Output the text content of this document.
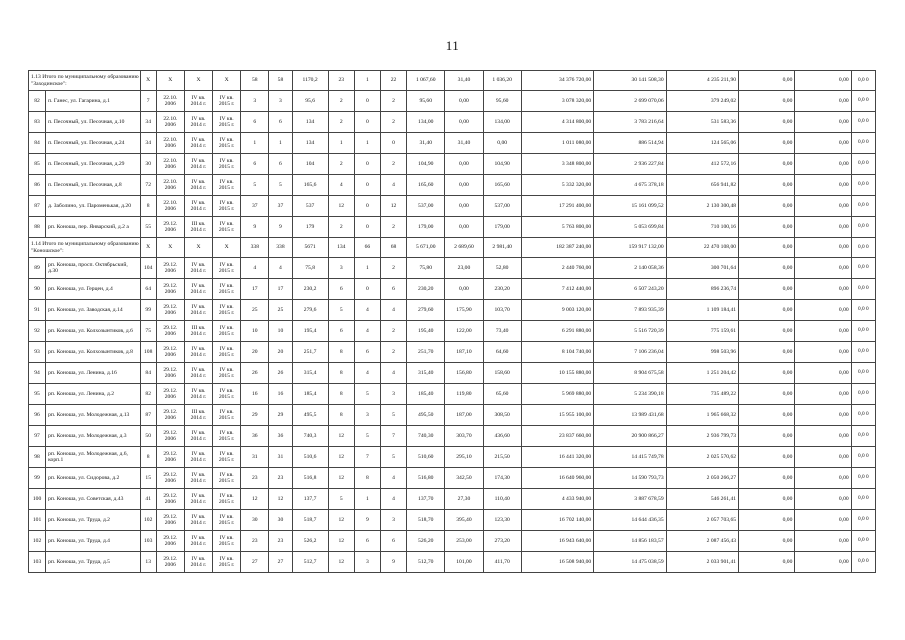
11
1.13 Итого по муниципальному образованию "Заходинское":		X	X	X	X	58	58	1170,2	23	1	22	1 067,60	31,40	1 036,20	34 376 720,00	30 141 508,30	4 235 211,90	0,00	0,00	0,0 0
82	п. Ганес, ул. Гагарина, д.1	7	22.10. 2006	IV кв. 2014 г.	IV кв. 2015 г.	3	3	95,6	2	0	2	95,60	0,00	95,60	3 078 320,00	2 699 070,06	379 249,02	0,00	0,00	0,0 0
83	п. Песочный, ул. Песочная, д.10	34	22.10. 2006	IV кв. 2014 г.	IV кв. 2015 г.	6	6	134	2	0	2	134,00	0,00	134,00	4 314 800,00	3 783 216,64	531 583,36	0,00	0,00	0,0 0
84	п. Песочный, ул. Песочная, д.24	34	22.10. 2006	IV кв. 2014 г.	IV кв. 2015 г.	1	1	134	1	1	0	31,40	31,40	0,00	1 011 080,00	886 514,94	124 565,06	0,00	0,00	0,0 0
85	п. Песочный, ул. Песочная, д.29	30	22.10. 2006	IV кв. 2014 г.	IV кв. 2015 г.	6	6	104	2	0	2	104,90	0,00	104,90	3 348 800,00	2 936 227,84	412 572,16	0,00	0,00	0,0 0
86	п. Песочный, ул. Песочная, д.8	72	22.10. 2006	IV кв. 2014 г.	IV кв. 2015 г.	5	5	165,6	4	0	4	165,60	0,00	165,60	5 332 320,00	4 675 378,18	656 941,82	0,00	0,00	0,0 0
87	д. Заболино, ул. Пароменькая, д.20	8	22.10. 2006	IV кв. 2014 г.	IV кв. 2015 г.	37	37	537	12	0	12	537,00	0,00	537,00	17 291 400,00	15 161 099,52	2 130 300,48	0,00	0,00	0,0 0
88	рп. Коноша, пер. Январский, д.2 а	55	29.12. 2006	III кв. 2014 г.	IV кв. 2015 г.	9	9	179	2	0	2	179,00	0,00	179,00	5 763 800,00	5 053 699,84	710 100,16	0,00	0,00	0,0 0
1.14 Итого по муниципальному образованию "Коношское":		X	X	X	X	338	338	5671	134	66	68	5 671,00	2 689,60	2 981,40	182 387 240,00	159 917 132,00	22 470 108,00	0,00	0,00	0,0 0
89	рп. Коноша, просп. Октябрьский, д.30	104	29.12. 2006	IV кв. 2014 г.	IV кв. 2015 г.	4	4	75,8	3	1	2	75,80	23,00	52,80	2 440 760,00	2 140 058,36	300 701,64	0,00	0,00	0,0 0
90	рп. Коноша, ул. Герцен, д.4	64	29.12. 2006	IV кв. 2014 г.	IV кв. 2015 г.	17	17	230,2	6	0	6	230,20	0,00	230,20	7 412 440,00	6 507 243,20	896 236,74	0,00	0,00	0,0 0
91	рп. Коноша, ул. Заводская, д.14	99	29.12. 2006	IV кв. 2014 г.	IV кв. 2015 г.	25	25	279,6	5	4	4	279,60	175,90	103,70	9 003 120,00	7 893 935,39	1 109 184,41	0,00	0,00	0,0 0
92	рп. Коноша, ул. Колхозынтиков, д.6	75	29.12. 2006	III кв. 2014 г.	IV кв. 2015 г.	10	10	195,4	6	4	2	195,40	122,00	73,40	6 291 880,00	5 516 720,39	775 159,61	0,00	0,00	0,0 0
93	рп. Коноша, ул. Колхозынтиков, д.8	108	29.12. 2006	IV кв. 2014 г.	IV кв. 2015 г.	20	20	251,7	8	6	2	251,70	187,10	64,60	8 104 740,00	7 106 236,04	998 503,96	0,00	0,00	0,0 0
94	рп. Коноша, ул. Ленина, д.16	84	29.12. 2006	IV кв. 2014 г.	IV кв. 2015 г.	26	26	315,4	8	4	4	315,40	156,80	158,60	10 155 880,00	8 904 675,58	1 251 204,42	0,00	0,00	0,0 0
95	рп. Коноша, ул. Ленина, д.2	82	29.12. 2006	IV кв. 2014 г.	IV кв. 2015 г.	16	16	185,4	8	5	3	185,40	119,80	65,60	5 969 880,00	5 234 390,18	735 489,22	0,00	0,00	0,0 0
96	рп. Коноша, ул. Молодежная, д.13	87	29.12. 2006	III кв. 2014 г.	IV кв. 2015 г.	29	29	495,5	8	3	5	495,50	187,00	308,50	15 955 100,00	13 989 431,68	1 965 668,32	0,00	0,00	0,0 0
97	рп. Коноша, ул. Молодежная, д.3	50	29.12. 2006	IV кв. 2014 г.	IV кв. 2015 г.	36	36	740,3	12	5	7	740,30	303,70	436,60	23 837 660,00	20 900 866,27	2 936 799,73	0,00	0,00	0,0 0
98	рп. Коноша, ул. Молодежная, д.6, корп.1	8	29.12. 2006	IV кв. 2014 г.	IV кв. 2015 г.	31	31	510,6	12	7	5	510,60	295,10	215,50	16 441 320,00	14 415 749,78	2 025 570,62	0,00	0,00	0,0 0
99	рп. Коноша, ул. Сидорова, д.2	15	29.12. 2006	IV кв. 2014 г.	IV кв. 2015 г.	23	23	516,8	12	8	4	516,80	342,50	174,30	16 640 960,00	14 590 793,73	2 050 266,27	0,00	0,00	0,0 0
100	рп. Коноша, ул. Советская, д.43	41	29.12. 2006	IV кв. 2014 г.	IV кв. 2015 г.	12	12	137,7	5	1	4	137,70	27,30	110,40	4 433 940,00	3 887 678,59	546 261,41	0,00	0,00	0,0 0
101	рп. Коноша, ул. Труда, д.2	102	29.12. 2006	IV кв. 2014 г.	IV кв. 2015 г.	30	30	518,7	12	9	3	518,70	395,40	123,30	16 702 140,00	14 644 436,35	2 057 703,65	0,00	0,00	0,0 0
102	рп. Коноша, ул. Труда, д.4	103	29.12. 2006	IV кв. 2014 г.	IV кв. 2015 г.	23	23	526,2	12	6	6	526,20	253,00	273,20	16 943 640,00	14 856 183,57	2 087 456,43	0,00	0,00	0,0 0
103	рп. Коноша, ул. Труда, д.5	13	29.12. 2006	IV кв. 2014 г.	IV кв. 2015 г.	27	27	512,7	12	3	9	512,70	101,00	411,70	16 508 940,00	14 475 038,59	2 033 901,41	0,00	0,00	0,0 0
